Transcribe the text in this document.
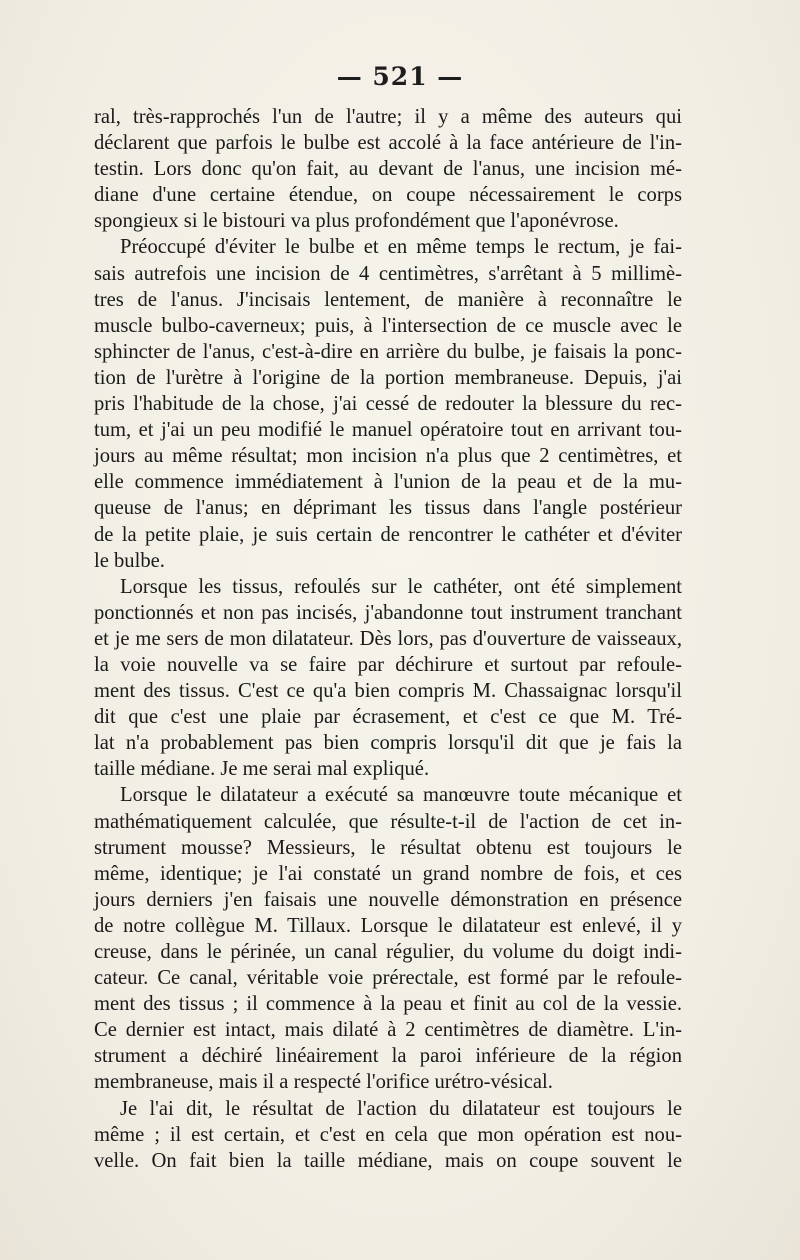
— 521 —
ral, très-rapprochés l'un de l'autre; il y a même des auteurs qui
déclarent que parfois le bulbe est accolé à la face antérieure de l'in-
testin. Lors donc qu'on fait, au devant de l'anus, une incision mé-
diane d'une certaine étendue, on coupe nécessairement le corps
spongieux si le bistouri va plus profondément que l'aponévrose.
Préoccupé d'éviter le bulbe et en même temps le rectum, je fai-
sais autrefois une incision de 4 centimètres, s'arrêtant à 5 millimè-
tres de l'anus. J'incisais lentement, de manière à reconnaître le
muscle bulbo-caverneux; puis, à l'intersection de ce muscle avec le
sphincter de l'anus, c'est-à-dire en arrière du bulbe, je faisais la ponc-
tion de l'urètre à l'origine de la portion membraneuse. Depuis, j'ai
pris l'habitude de la chose, j'ai cessé de redouter la blessure du rec-
tum, et j'ai un peu modifié le manuel opératoire tout en arrivant tou-
jours au même résultat; mon incision n'a plus que 2 centimètres, et
elle commence immédiatement à l'union de la peau et de la mu-
queuse de l'anus; en déprimant les tissus dans l'angle postérieur
de la petite plaie, je suis certain de rencontrer le cathéter et d'éviter
le bulbe.
Lorsque les tissus, refoulés sur le cathéter, ont été simplement
ponctionnés et non pas incisés, j'abandonne tout instrument tranchant
et je me sers de mon dilatateur. Dès lors, pas d'ouverture de vaisseaux,
la voie nouvelle va se faire par déchirure et surtout par refoule-
ment des tissus. C'est ce qu'a bien compris M. Chassaignac lorsqu'il
dit que c'est une plaie par écrasement, et c'est ce que M. Tré-
lat n'a probablement pas bien compris lorsqu'il dit que je fais la
taille médiane. Je me serai mal expliqué.
Lorsque le dilatateur a exécuté sa manœuvre toute mécanique et
mathématiquement calculée, que résulte-t-il de l'action de cet in-
strument mousse? Messieurs, le résultat obtenu est toujours le
même, identique; je l'ai constaté un grand nombre de fois, et ces
jours derniers j'en faisais une nouvelle démonstration en présence
de notre collègue M. Tillaux. Lorsque le dilatateur est enlevé, il y
creuse, dans le périnée, un canal régulier, du volume du doigt indi-
cateur. Ce canal, véritable voie prérectale, est formé par le refoule-
ment des tissus ; il commence à la peau et finit au col de la vessie.
Ce dernier est intact, mais dilaté à 2 centimètres de diamètre. L'in-
strument a déchiré linéairement la paroi inférieure de la région
membraneuse, mais il a respecté l'orifice urétro-vésical.
Je l'ai dit, le résultat de l'action du dilatateur est toujours le
même ; il est certain, et c'est en cela que mon opération est nou-
velle. On fait bien la taille médiane, mais on coupe souvent le
